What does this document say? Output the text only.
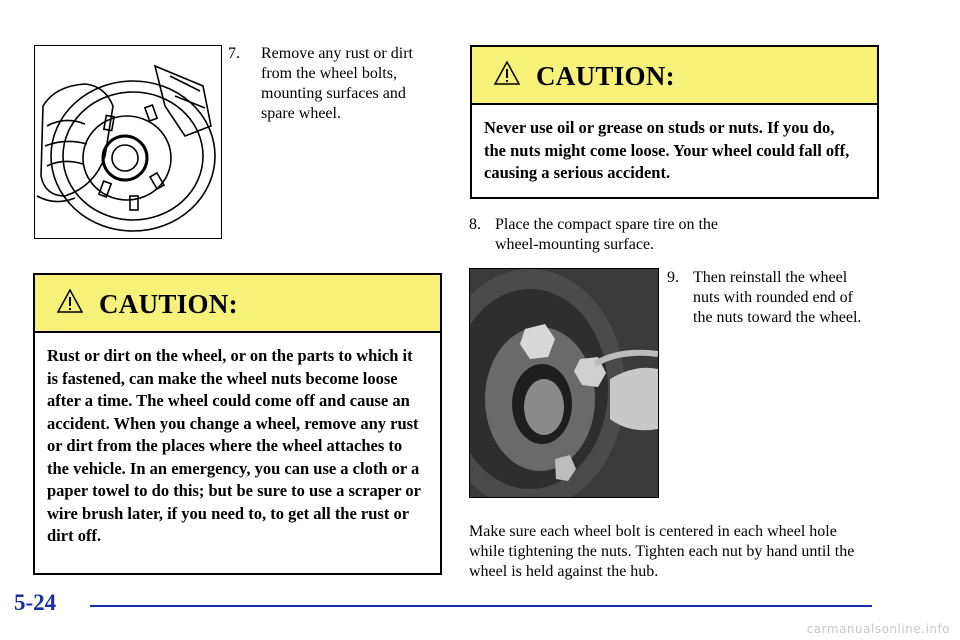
7. Remove any rust or dirt from the wheel bolts, mounting surfaces and spare wheel.
CAUTION:
Rust or dirt on the wheel, or on the parts to which it is fastened, can make the wheel nuts become loose after a time. The wheel could come off and cause an accident. When you change a wheel, remove any rust or dirt from the places where the wheel attaches to the vehicle. In an emergency, you can use a cloth or a paper towel to do this; but be sure to use a scraper or wire brush later, if you need to, to get all the rust or dirt off.
CAUTION:
Never use oil or grease on studs or nuts. If you do, the nuts might come loose. Your wheel could fall off, causing a serious accident.
8. Place the compact spare tire on the wheel-mounting surface.
9. Then reinstall the wheel nuts with rounded end of the nuts toward the wheel.
Make sure each wheel bolt is centered in each wheel hole while tightening the nuts. Tighten each nut by hand until the wheel is held against the hub.
5-24
carmanualsonline.info
